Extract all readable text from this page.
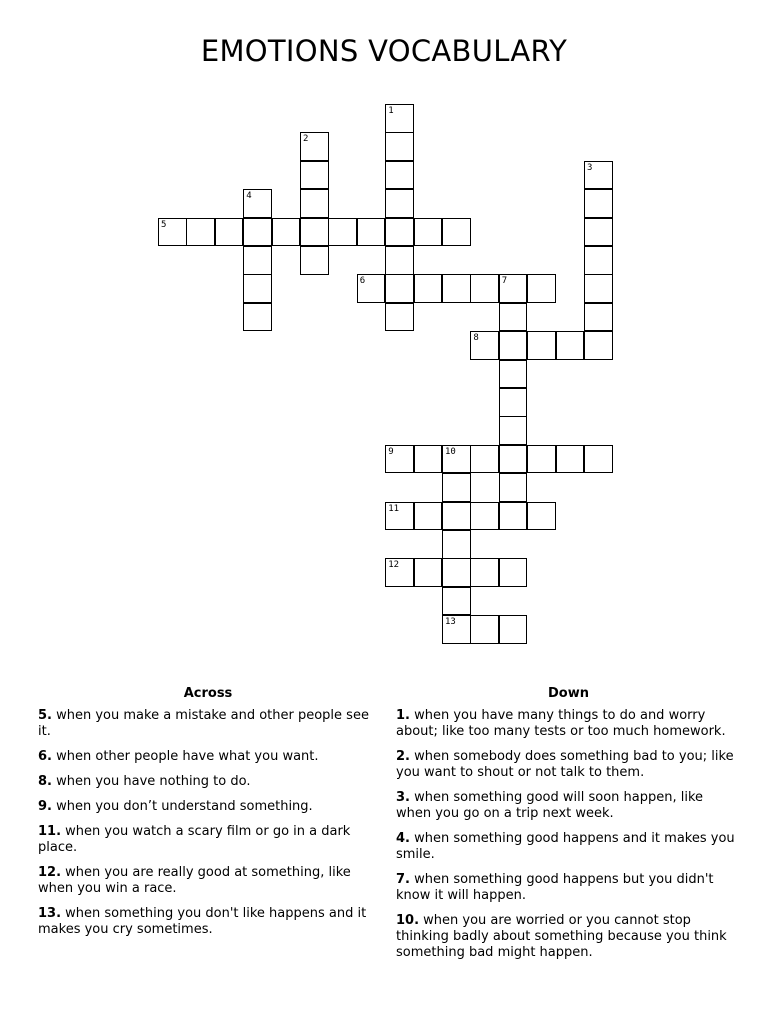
EMOTIONS VOCABULARY
1
2
3
4
5
6	7
8
9	10
13
11
12
Across
5. when you make a mistake and other people see it.
6. when other people have what you want.
8. when you have nothing to do.
9. when you don’t understand something.
11. when you watch a scary film or go in a dark place.
12. when you are really good at something, like when you win a race.
13. when something you don't like happens and it makes you cry sometimes.
Down
1. when you have many things to do and worry about; like too many tests or too much homework.
2. when somebody does something bad to you; like you want to shout or not talk to them.
3. when something good will soon happen, like when you go on a trip next week.
4. when something good happens and it makes you smile.
7. when something good happens but you didn't know it will happen.
10. when you are worried or you cannot stop thinking badly about something because you think something bad might happen.
